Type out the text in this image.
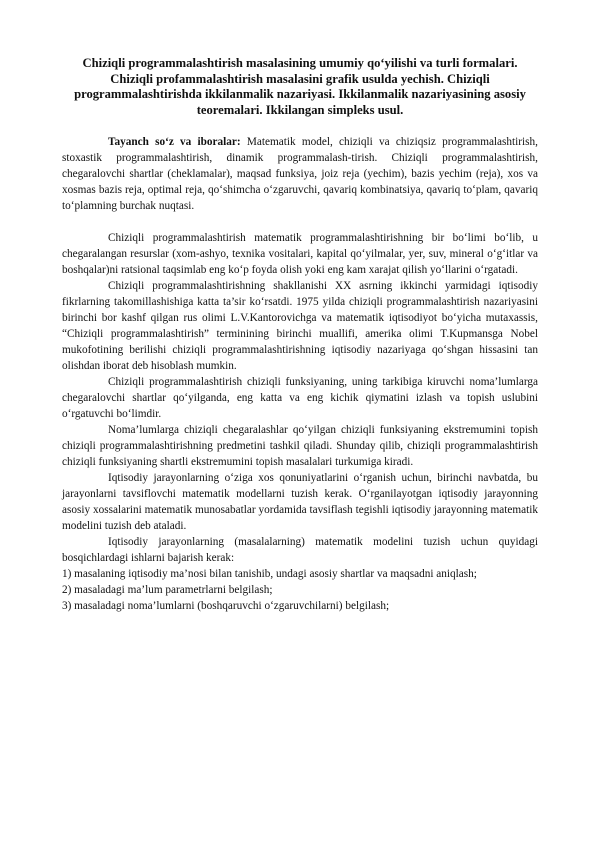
Chiziqli programmalashtirish masalasining umumiy qo‘yilishi va turli formalari. Chiziqli profammalashtirish masalasini grafik usulda yechish. Chiziqli programmalashtirishda ikkilanmalik nazariyasi. Ikkilanmalik nazariyasining asosiy teoremalari. Ikkilangan simpleks usul.

Tayanch so‘z va iboralar: Matematik model, chiziqli va chiziqsiz programmalashtirish, stoxastik programmalashtirish, dinamik programmalash-tirish. Chiziqli programmalashtirish, chegaralovchi shartlar (cheklamalar), maqsad funksiya, joiz reja (yechim), bazis yechim (reja), xos va xosmas bazis reja, optimal reja, qo‘shimcha o‘zgaruvchi, qavariq kombinatsiya, qavariq to‘plam, qavariq to‘plamning burchak nuqtasi.

Chiziqli programmalashtirish matematik programmalashtirishning bir bo‘limi bo‘lib, u chegaralangan resurslar (xom-ashyo, texnika vositalari, kapital qo‘yilmalar, yer, suv, mineral o‘g‘itlar va boshqalar)ni ratsional taqsimlab eng ko‘p foyda olish yoki eng kam xarajat qilish yo‘llarini o‘rgatadi.

Chiziqli programmalashtirishning shakllanishi XX asrning ikkinchi yarmidagi iqtisodiy fikrlarning takomillashishiga katta ta’sir ko‘rsatdi. 1975 yilda chiziqli programmalashtirish nazariyasini birinchi bor kashf qilgan rus olimi L.V.Kantorovichga va matematik iqtisodiyot bo‘yicha mutaxassis, “Chiziqli programmalashtirish” terminining birinchi muallifi, amerika olimi T.Kupmansga Nobel mukofotining berilishi chiziqli programmalashtirishning iqtisodiy nazariyaga qo‘shgan hissasini tan olishdan iborat deb hisoblash mumkin.

Chiziqli programmalashtirish chiziqli funksiyaning, uning tarkibiga kiruvchi noma’lumlarga chegaralovchi shartlar qo‘yilganda, eng katta va eng kichik qiymatini izlash va topish uslubini o‘rgatuvchi bo‘limdir.

Noma’lumlarga chiziqli chegaralashlar qo‘yilgan chiziqli funksiyaning ekstremumini topish chiziqli programmalashtirishning predmetini tashkil qiladi. Shunday qilib, chiziqli programmalashtirish chiziqli funksiyaning shartli ekstremumini topish masalalari turkumiga kiradi.

Iqtisodiy jarayonlarning o‘ziga xos qonuniyatlarini o‘rganish uchun, birinchi navbatda, bu jarayonlarni tavsiflovchi matematik modellarni tuzish kerak. O‘rganilayotgan iqtisodiy jarayonning asosiy xossalarini matematik munosabatlar yordamida tavsiflash tegishli iqtisodiy jarayonning matematik modelini tuzish deb ataladi.

Iqtisodiy jarayonlarning (masalalarning) matematik modelini tuzish uchun quyidagi bosqichlardagi ishlarni bajarish kerak:

1) masalaning iqtisodiy ma’nosi bilan tanishib, undagi asosiy shartlar va maqsadni aniqlash;

2) masaladagi ma’lum parametrlarni belgilash;

3) masaladagi noma’lumlarni (boshqaruvchi o‘zgaruvchilarni) belgilash;
